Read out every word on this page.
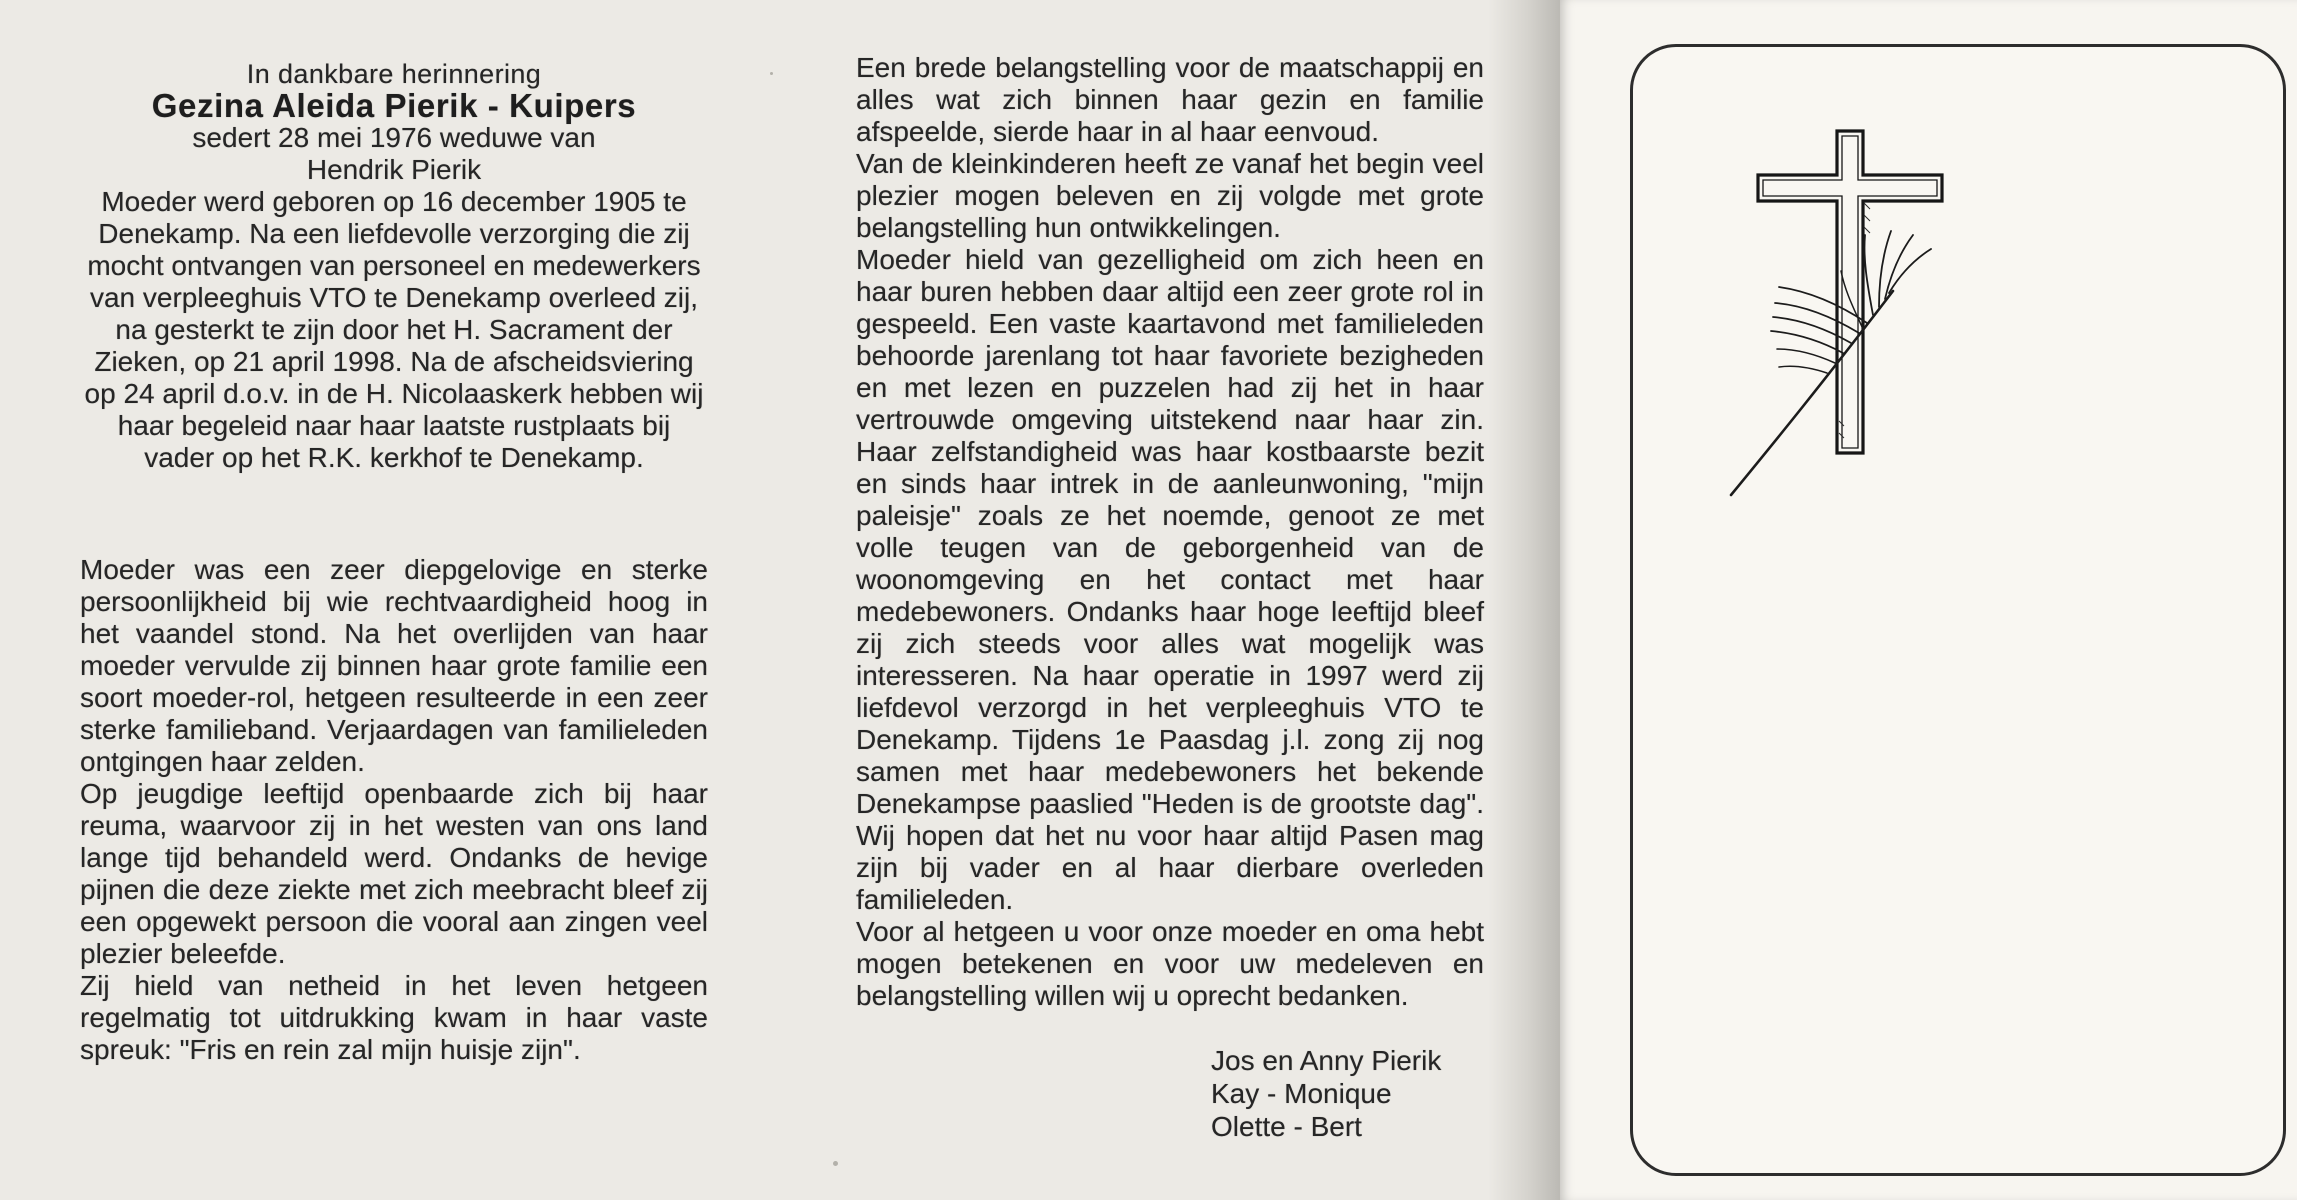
In dankbare herinnering

Gezina Aleida Pierik - Kuipers

sedert 28 mei 1976 weduwe van
Hendrik Pierik

Moeder werd geboren op 16 december 1905 te Denekamp. Na een liefdevolle verzorging die zij mocht ontvangen van personeel en medewerkers van verpleeghuis VTO te Denekamp overleed zij, na gesterkt te zijn door het H. Sacrament der Zieken, op 21 april 1998. Na de afscheidsviering op 24 april d.o.v. in de H. Nicolaaskerk hebben wij haar begeleid naar haar laatste rustplaats bij vader op het R.K. kerkhof te Denekamp.

Moeder was een zeer diepgelovige en sterke persoonlijkheid bij wie rechtvaardigheid hoog in het vaandel stond. Na het overlijden van haar moeder vervulde zij binnen haar grote familie een soort moeder-rol, hetgeen resulteerde in een zeer sterke familieband. Verjaardagen van familieleden ontgingen haar zelden.

Op jeugdige leeftijd openbaarde zich bij haar reuma, waarvoor zij in het westen van ons land lange tijd behandeld werd. Ondanks de hevige pijnen die deze ziekte met zich meebracht bleef zij een opgewekt persoon die vooral aan zingen veel plezier beleefde.

Zij hield van netheid in het leven hetgeen regelmatig tot uitdrukking kwam in haar vaste spreuk: "Fris en rein zal mijn huisje zijn".

Een brede belangstelling voor de maatschappij en alles wat zich binnen haar gezin en familie afspeelde, sierde haar in al haar eenvoud.

Van de kleinkinderen heeft ze vanaf het begin veel plezier mogen beleven en zij volgde met grote belangstelling hun ontwikkelingen.

Moeder hield van gezelligheid om zich heen en haar buren hebben daar altijd een zeer grote rol in gespeeld. Een vaste kaartavond met familieleden behoorde jarenlang tot haar favoriete bezigheden en met lezen en puzzelen had zij het in haar vertrouwde omgeving uitstekend naar haar zin. Haar zelfstandigheid was haar kostbaarste bezit en sinds haar intrek in de aanleunwoning, "mijn paleisje" zoals ze het noemde, genoot ze met volle teugen van de geborgenheid van de woonomgeving en het contact met haar medebewoners. Ondanks haar hoge leeftijd bleef zij zich steeds voor alles wat mogelijk was interesseren. Na haar operatie in 1997 werd zij liefdevol verzorgd in het verpleeghuis VTO te Denekamp. Tijdens 1e Paasdag j.l. zong zij nog samen met haar medebewoners het bekende Denekampse paaslied "Heden is de grootste dag". Wij hopen dat het nu voor haar altijd Pasen mag zijn bij vader en al haar dierbare overleden familieleden.

Voor al hetgeen u voor onze moeder en oma hebt mogen betekenen en voor uw medeleven en belangstelling willen wij u oprecht bedanken.

Jos en Anny Pierik

Kay - Monique

Olette - Bert
